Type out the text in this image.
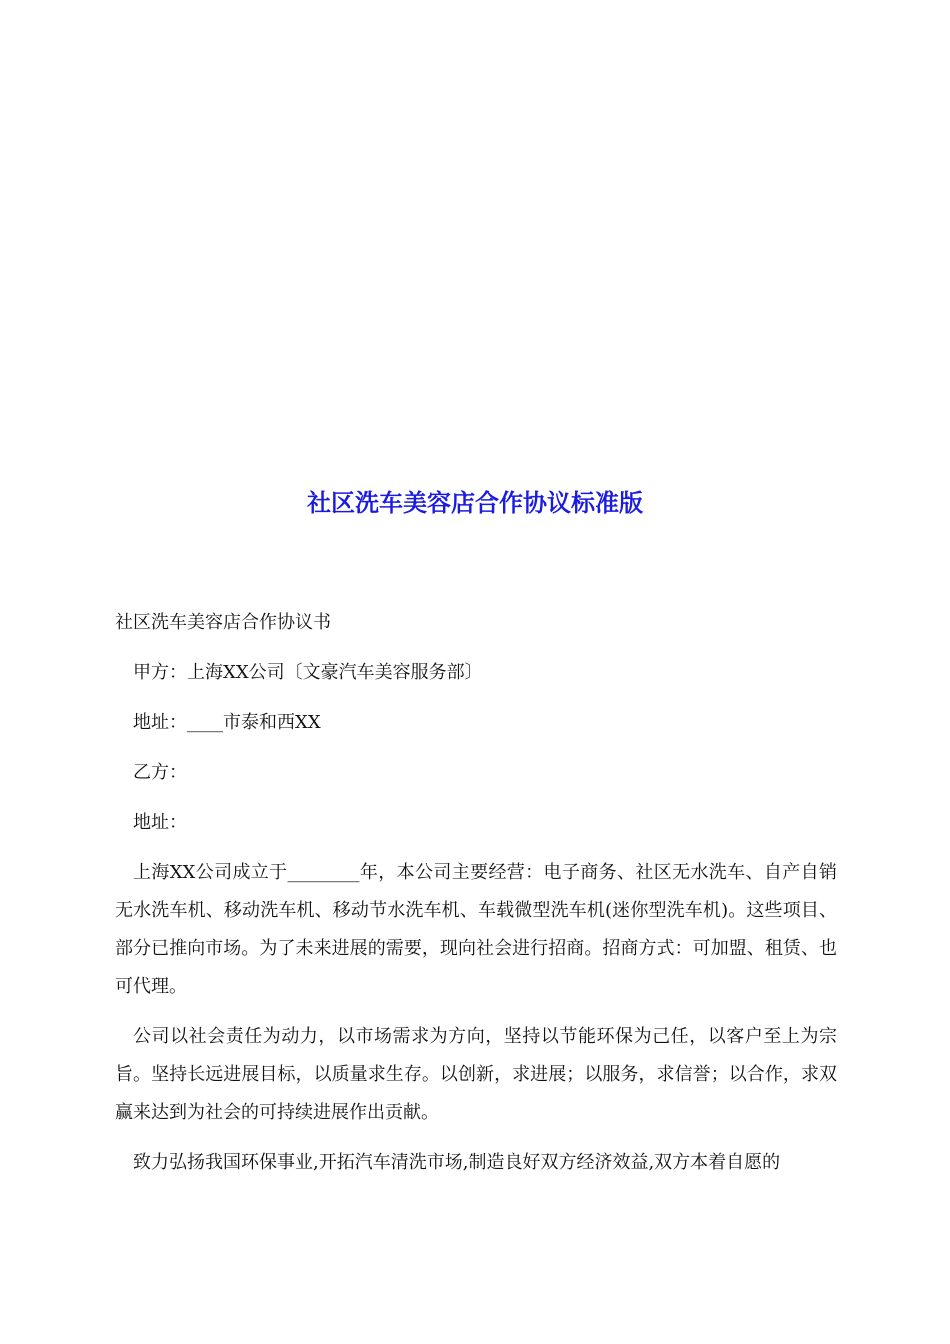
社区洗车美容店合作协议标准版

社区洗车美容店合作协议书

甲方：上海XX公司〔文豪汽车美容服务部〕

地址：____市泰和西XX

乙方：

地址：

上海XX公司成立于________年，本公司主要经营：电子商务、社区无水洗车、自产自销无水洗车机、移动洗车机、移动节水洗车机、车载微型洗车机(迷你型洗车机)。这些项目、部分已推向市场。为了未来进展的需要，现向社会进行招商。招商方式：可加盟、租赁、也可代理。

公司以社会责任为动力，以市场需求为方向，坚持以节能环保为己任，以客户至上为宗旨。坚持长远进展目标，以质量求生存。以创新，求进展；以服务，求信誉；以合作，求双赢来达到为社会的可持续进展作出贡献。

致力弘扬我国环保事业,开拓汽车清洗市场,制造良好双方经济效益,双方本着自愿的
